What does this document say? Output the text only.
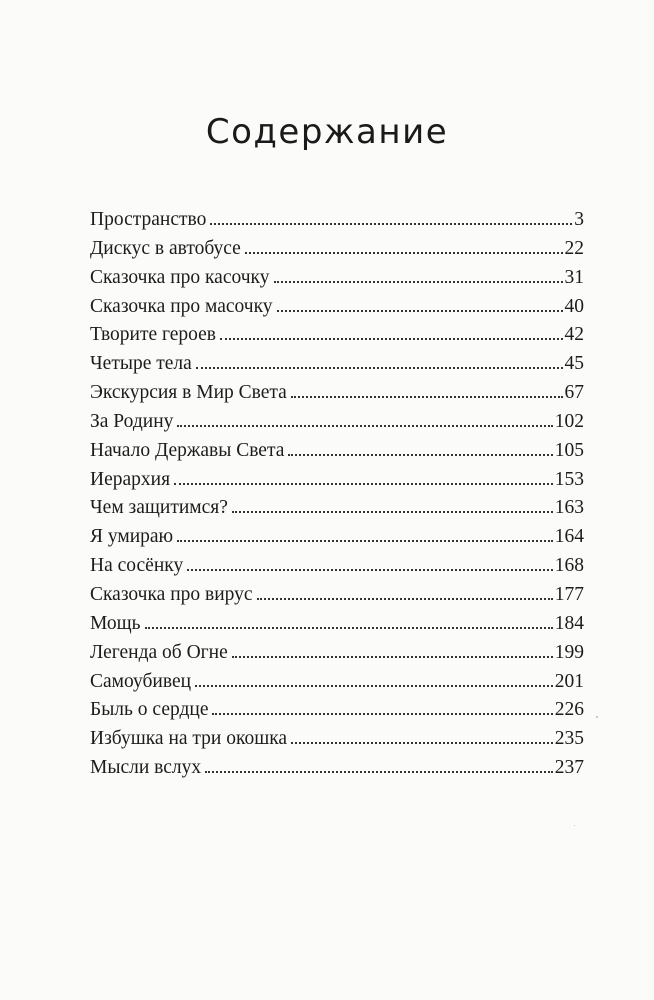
Содержание
Пространство	3
Дискус в автобусе	22
Сказочка про касочку	31
Сказочка про масочку	40
Творите героев	42
Четыре тела	45
Экскурсия в Мир Света	67
За Родину	102
Начало Державы Света	105
Иерархия	153
Чем защитимся?	163
Я умираю	164
На сосёнку	168
Сказочка про вирус	177
Мощь	184
Легенда об Огне	199
Самоубивец	201
Быль о сердце	226
Избушка на три окошка	235
Мысли вслух	237
